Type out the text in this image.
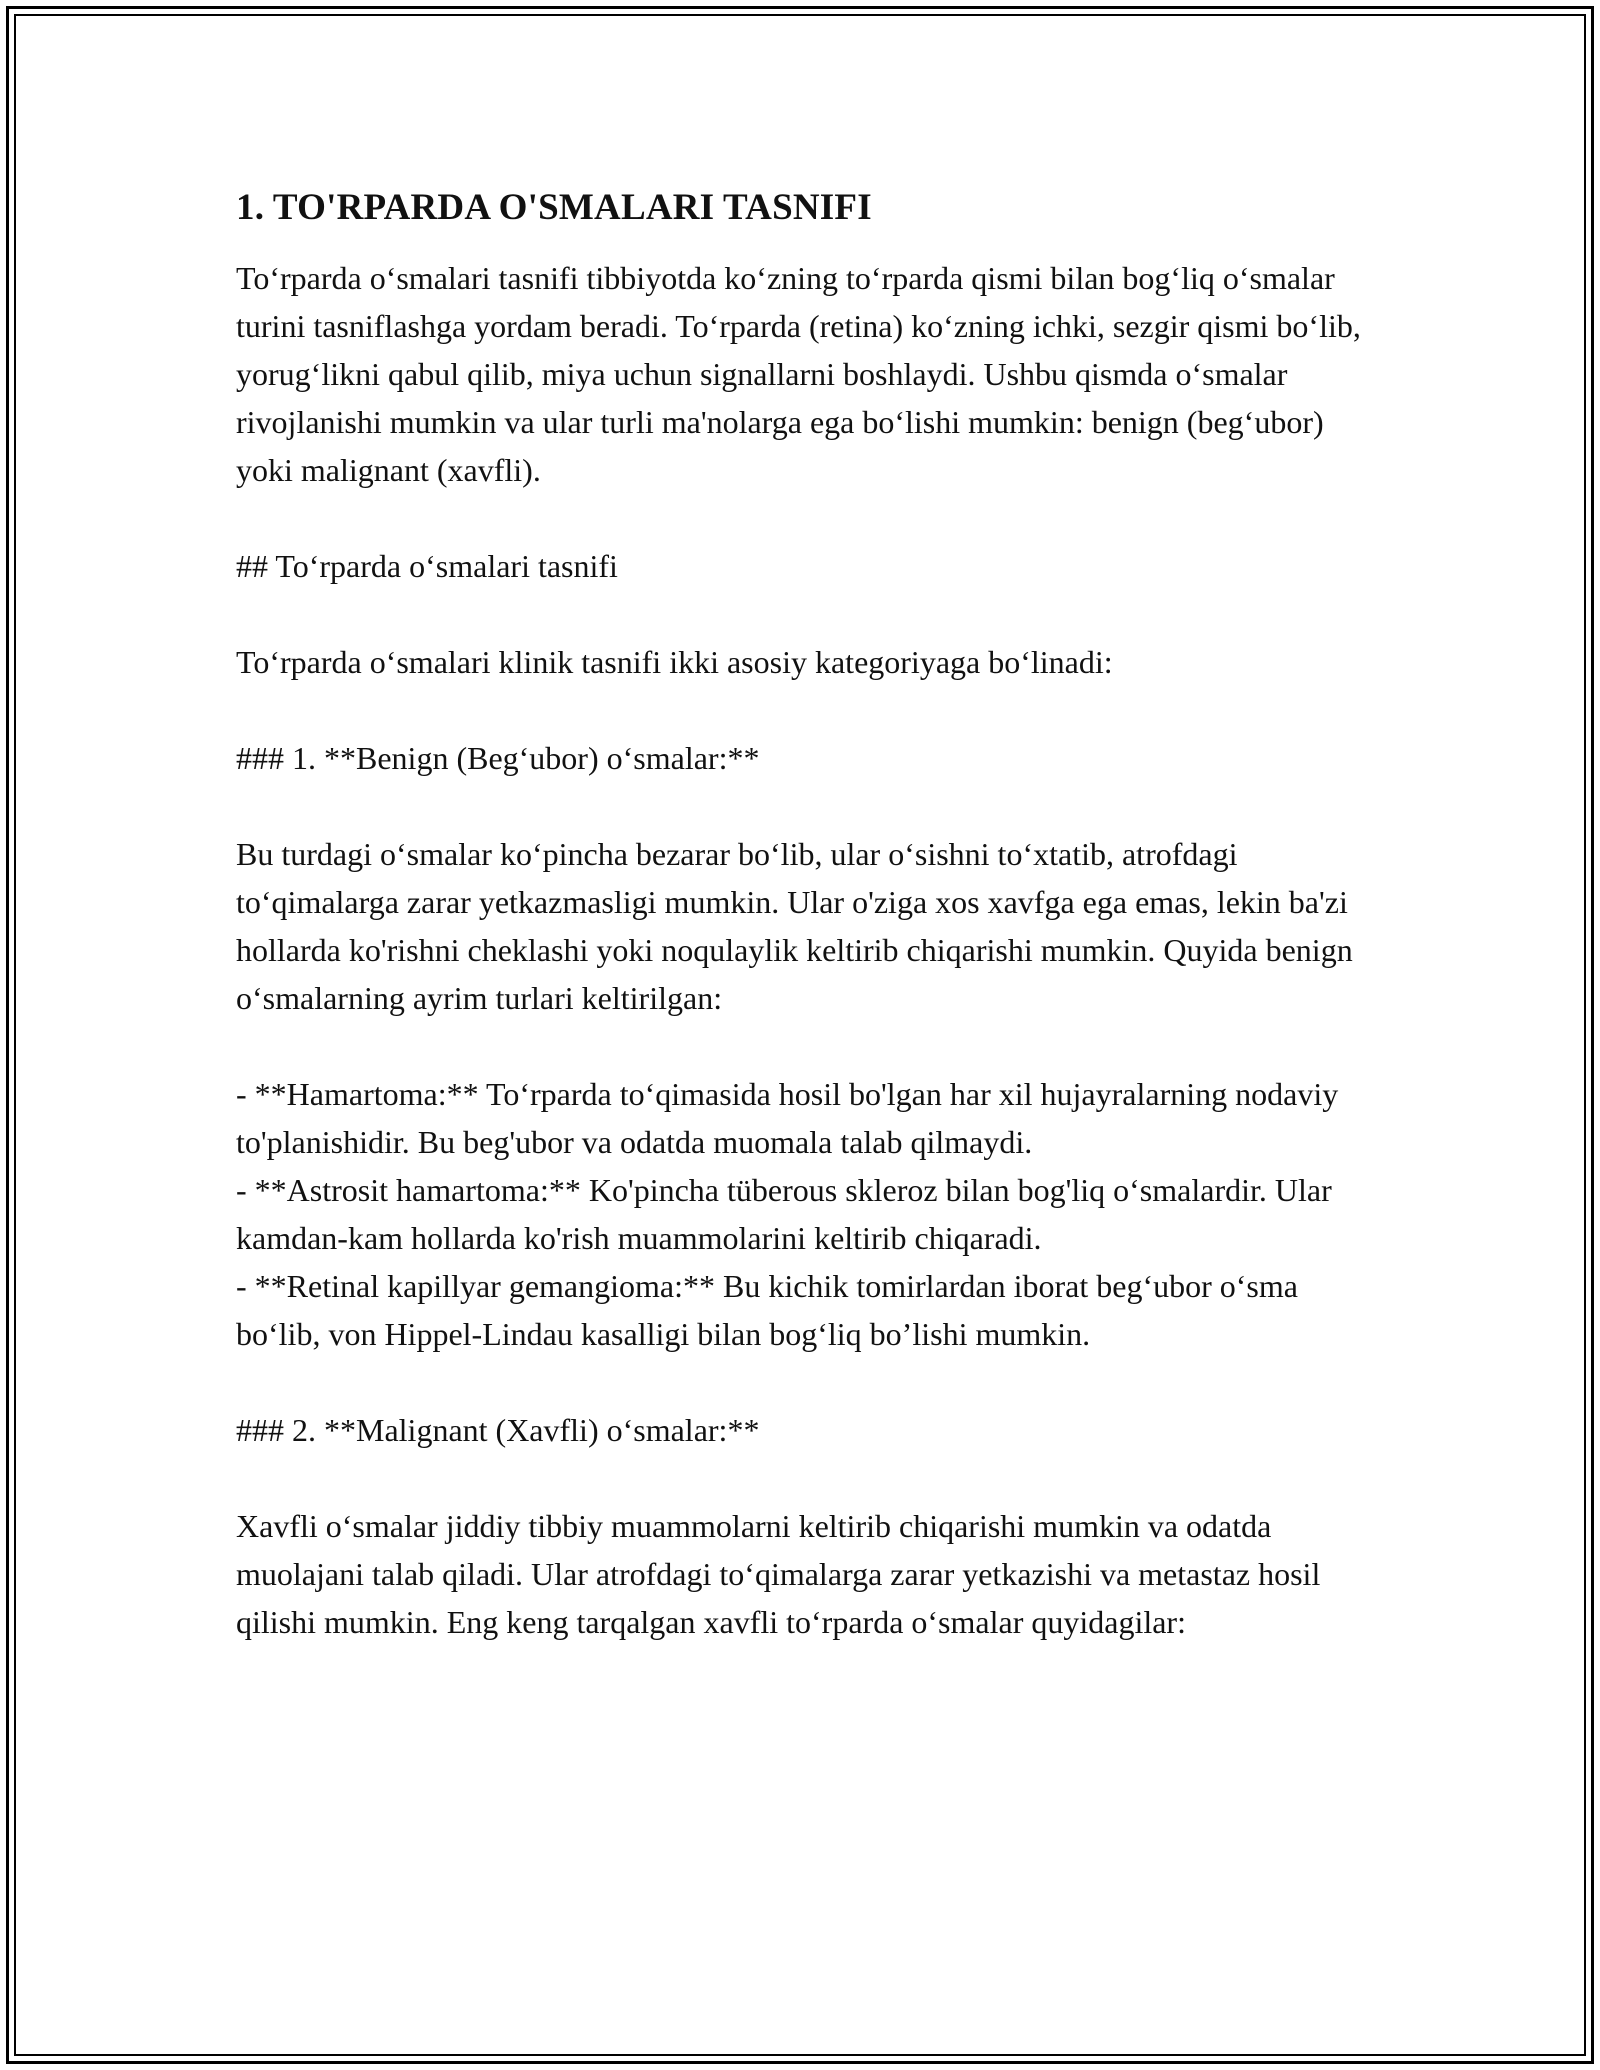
1. TO'RPARDA O'SMALARI TASNIFI

To‘rparda o‘smalari tasnifi tibbiyotda ko‘zning to‘rparda qismi bilan bog‘liq o‘smalar turini tasniflashga yordam beradi. To‘rparda (retina) ko‘zning ichki, sezgir qismi bo‘lib, yorug‘likni qabul qilib, miya uchun signallarni boshlaydi. Ushbu qismda o‘smalar rivojlanishi mumkin va ular turli ma'nolarga ega bo‘lishi mumkin: benign (beg‘ubor) yoki malignant (xavfli).

## To‘rparda o‘smalari tasnifi

To‘rparda o‘smalari klinik tasnifi ikki asosiy kategoriyaga bo‘linadi:

### 1. **Benign (Beg‘ubor) o‘smalar:**

Bu turdagi o‘smalar ko‘pincha bezarar bo‘lib, ular o‘sishni to‘xtatib, atrofdagi to‘qimalarga zarar yetkazmasligi mumkin. Ular o'ziga xos xavfga ega emas, lekin ba'zi hollarda ko'rishni cheklashi yoki noqulaylik keltirib chiqarishi mumkin. Quyida benign o‘smalarning ayrim turlari keltirilgan:

- **Hamartoma:** To‘rparda to‘qimasida hosil bo'lgan har xil hujayralarning nodaviy to'planishidir. Bu beg'ubor va odatda muomala talab qilmaydi.

- **Astrosit hamartoma:** Ko'pincha tüberous skleroz bilan bog'liq o‘smalardir. Ular kamdan-kam hollarda ko'rish muammolarini keltirib chiqaradi.

- **Retinal kapillyar gemangioma:** Bu kichik tomirlardan iborat beg‘ubor o‘sma bo‘lib, von Hippel-Lindau kasalligi bilan bog‘liq bo’lishi mumkin.

### 2. **Malignant (Xavfli) o‘smalar:**

Xavfli o‘smalar jiddiy tibbiy muammolarni keltirib chiqarishi mumkin va odatda muolajani talab qiladi. Ular atrofdagi to‘qimalarga zarar yetkazishi va metastaz hosil qilishi mumkin. Eng keng tarqalgan xavfli to‘rparda o‘smalar quyidagilar:
